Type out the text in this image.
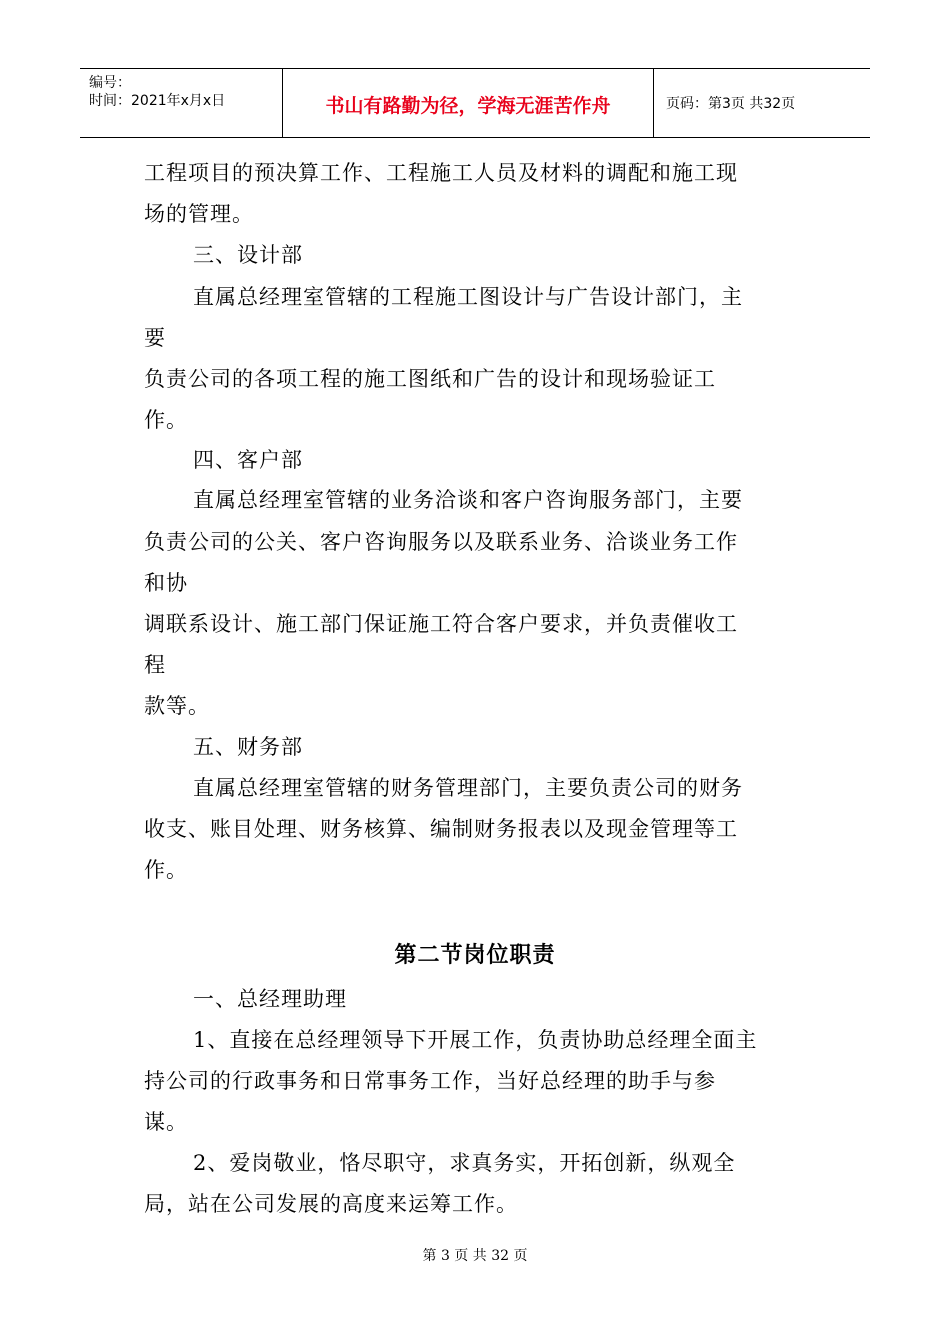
编号：
时间：2021年x月x日	书山有路勤为径，学海无涯苦作舟	页码：第3页 共32页
工程项目的预决算工作、工程施工人员及材料的调配和施工现
场的管理。
三、设计部
直属总经理室管辖的工程施工图设计与广告设计部门，主
要
负责公司的各项工程的施工图纸和广告的设计和现场验证工
作。
四、客户部
直属总经理室管辖的业务洽谈和客户咨询服务部门，主要
负责公司的公关、客户咨询服务以及联系业务、洽谈业务工作
和协
调联系设计、施工部门保证施工符合客户要求，并负责催收工
程
款等。
五、财务部
直属总经理室管辖的财务管理部门，主要负责公司的财务
收支、账目处理、财务核算、编制财务报表以及现金管理等工
作。
第二节岗位职责
一、总经理助理
1、直接在总经理领导下开展工作，负责协助总经理全面主
持公司的行政事务和日常事务工作，当好总经理的助手与参
谋。
2、爱岗敬业，恪尽职守，求真务实，开拓创新，纵观全
局，站在公司发展的高度来运筹工作。
第 3 页 共 32 页
